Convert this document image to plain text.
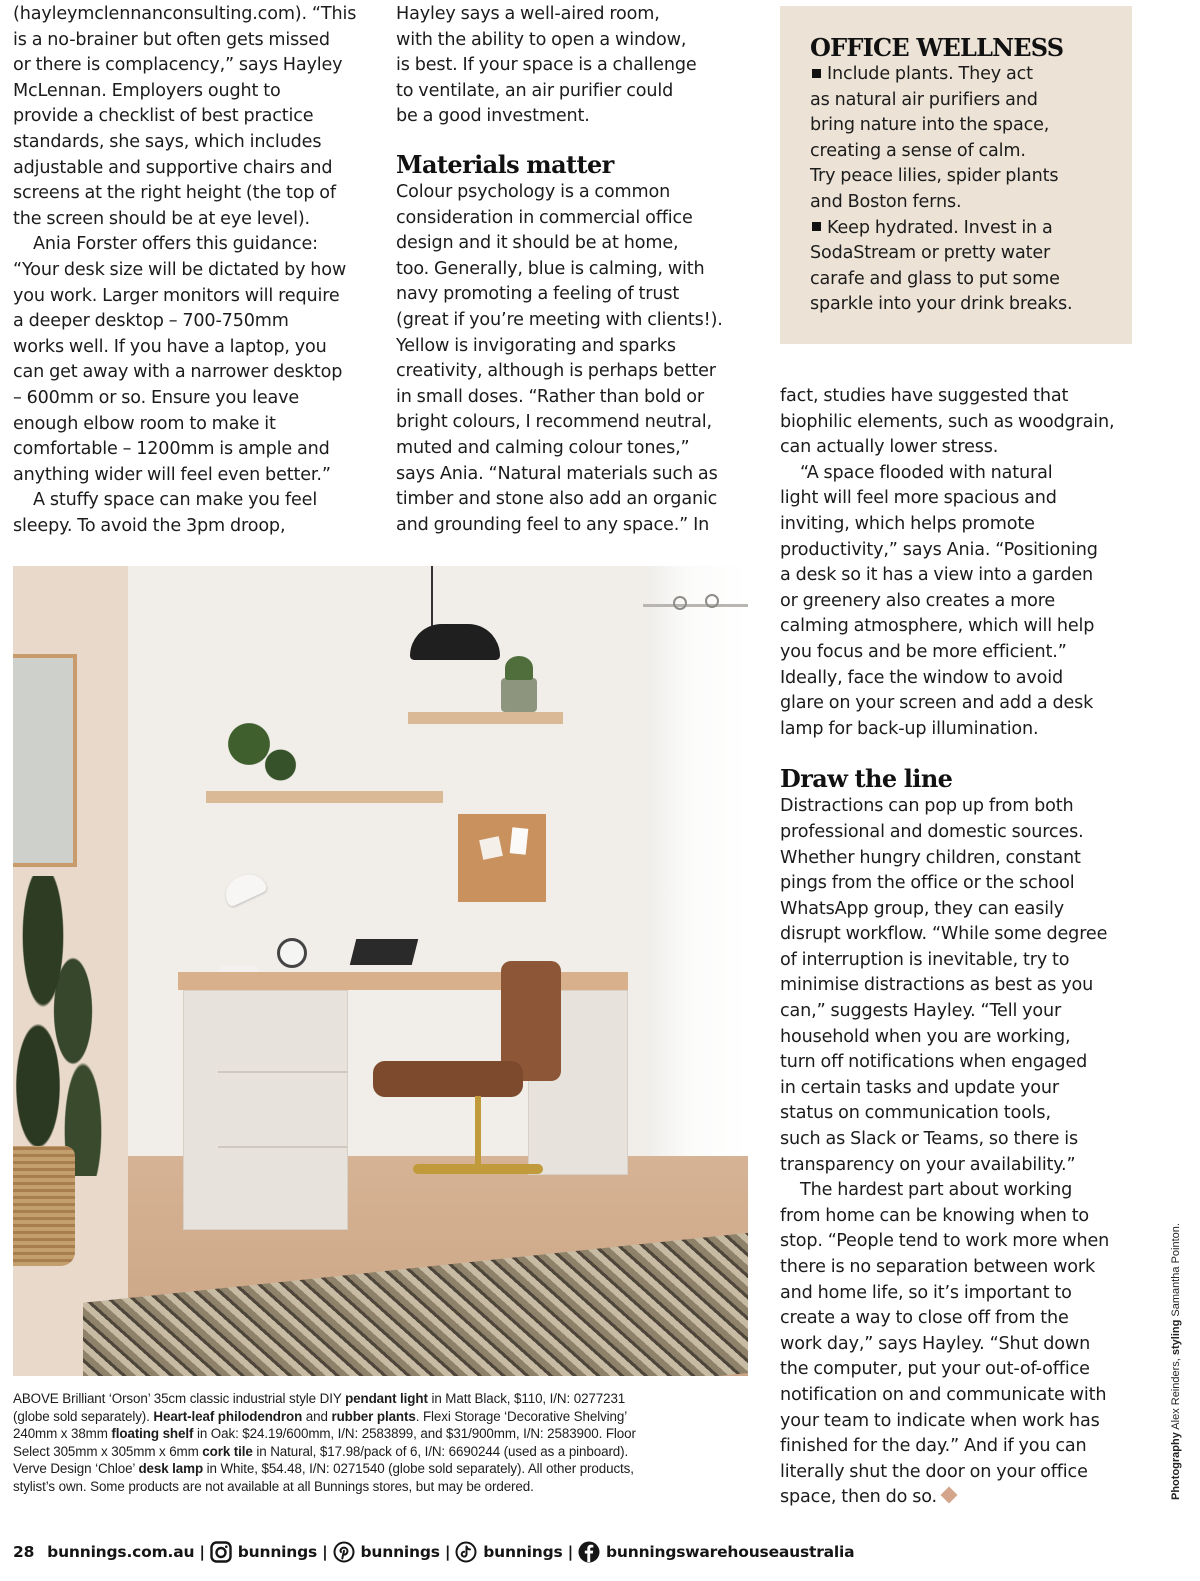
(hayleymclennanconsulting.com). “This
is a no-brainer but often gets missed
or there is complacency,” says Hayley
McLennan. Employers ought to
provide a checklist of best practice
standards, she says, which includes
adjustable and supportive chairs and
screens at the right height (the top of
the screen should be at eye level).

Ania Forster offers this guidance:
“Your desk size will be dictated by how
you work. Larger monitors will require
a deeper desktop – 700-750mm
works well. If you have a laptop, you
can get away with a narrower desktop
– 600mm or so. Ensure you leave
enough elbow room to make it
comfortable – 1200mm is ample and
anything wider will feel even better.”

A stuffy space can make you feel
sleepy. To avoid the 3pm droop,

Hayley says a well-aired room,
with the ability to open a window,
is best. If your space is a challenge
to ventilate, an air purifier could
be a good investment.

Materials matter

Colour psychology is a common
consideration in commercial office
design and it should be at home,
too. Generally, blue is calming, with
navy promoting a feeling of trust
(great if you’re meeting with clients!).
Yellow is invigorating and sparks
creativity, although is perhaps better
in small doses. “Rather than bold or
bright colours, I recommend neutral,
muted and calming colour tones,”
says Ania. “Natural materials such as
timber and stone also add an organic
and grounding feel to any space.” In

OFFICE WELLNESS
Include plants. They act
as natural air purifiers and
bring nature into the space,
creating a sense of calm.
Try peace lilies, spider plants
and Boston ferns.
Keep hydrated. Invest in a
SodaStream or pretty water
carafe and glass to put some
sparkle into your drink breaks.

fact, studies have suggested that
biophilic elements, such as woodgrain,
can actually lower stress.

“A space flooded with natural
light will feel more spacious and
inviting, which helps promote
productivity,” says Ania. “Positioning
a desk so it has a view into a garden
or greenery also creates a more
calming atmosphere, which will help
you focus and be more efficient.”
Ideally, face the window to avoid
glare on your screen and add a desk
lamp for back-up illumination.

Draw the line

Distractions can pop up from both
professional and domestic sources.
Whether hungry children, constant
pings from the office or the school
WhatsApp group, they can easily
disrupt workflow. “While some degree
of interruption is inevitable, try to
minimise distractions as best as you
can,” suggests Hayley. “Tell your
household when you are working,
turn off notifications when engaged
in certain tasks and update your
status on communication tools,
such as Slack or Teams, so there is
transparency on your availability.”

The hardest part about working
from home can be knowing when to
stop. “People tend to work more when
there is no separation between work
and home life, so it’s important to
create a way to close off from the
work day,” says Hayley. “Shut down
the computer, put your out-of-office
notification on and communicate with
your team to indicate when work has
finished for the day.” And if you can
literally shut the door on your office
space, then do so.

ABOVE Brilliant ‘Orson’ 35cm classic industrial style DIY pendant light in Matt Black, $110, I/N: 0277231
(globe sold separately). Heart-leaf philodendron and rubber plants. Flexi Storage ‘Decorative Shelving’
240mm x 38mm floating shelf in Oak: $24.19/600mm, I/N: 2583899, and $31/900mm, I/N: 2583900. Floor
Select 305mm x 305mm x 6mm cork tile in Natural, $17.98/pack of 6, I/N: 6690244 (used as a pinboard).
Verve Design ‘Chloe’ desk lamp in White, $54.48, I/N: 0271540 (globe sold separately). All other products,
stylist’s own. Some products are not available at all Bunnings stores, but may be ordered.	Photography Alex Reinders, styling Samantha Pointon.
28 bunnings.com.au | bunnings | bunnings | bunnings | bunningswarehouseaustralia
